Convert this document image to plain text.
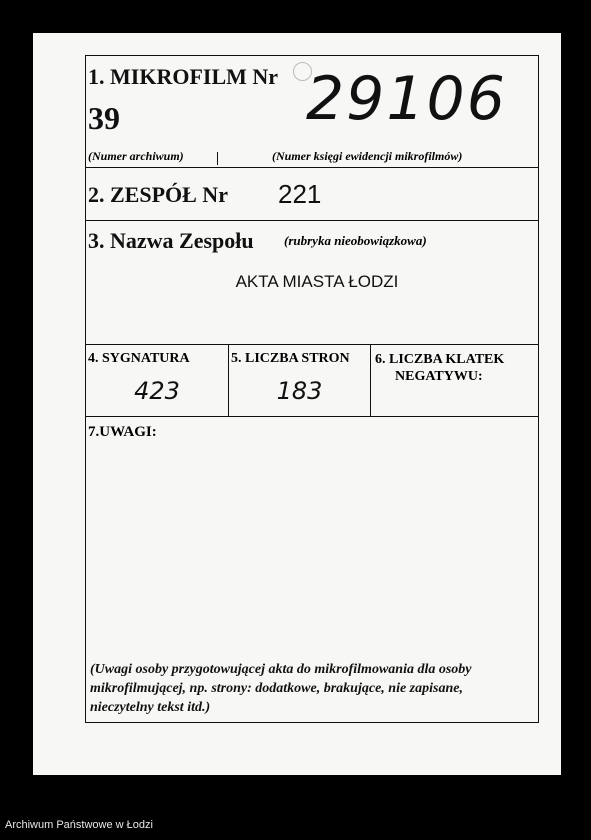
1. MIKROFILM Nr 29106
39
(Numer archiwum)	(Numer księgi ewidencji mikrofilmów)
2. ZESPÓŁ Nr 221
3. Nazwa Zespołu (rubryka nieobowiązkowa)
AKTA MIASTA ŁODZI
4. SYGNATURA
423
5. LICZBA STRON
183
6. LICZBA KLATEK
NEGATYWU:
7.UWAGI:
(Uwagi osoby przygotowującej akta do mikrofilmowania dla osoby mikrofilmującej, np. strony: dodatkowe, brakujące, nie zapisane, nieczytelny tekst itd.)
Archiwum Państwowe w Łodzi
